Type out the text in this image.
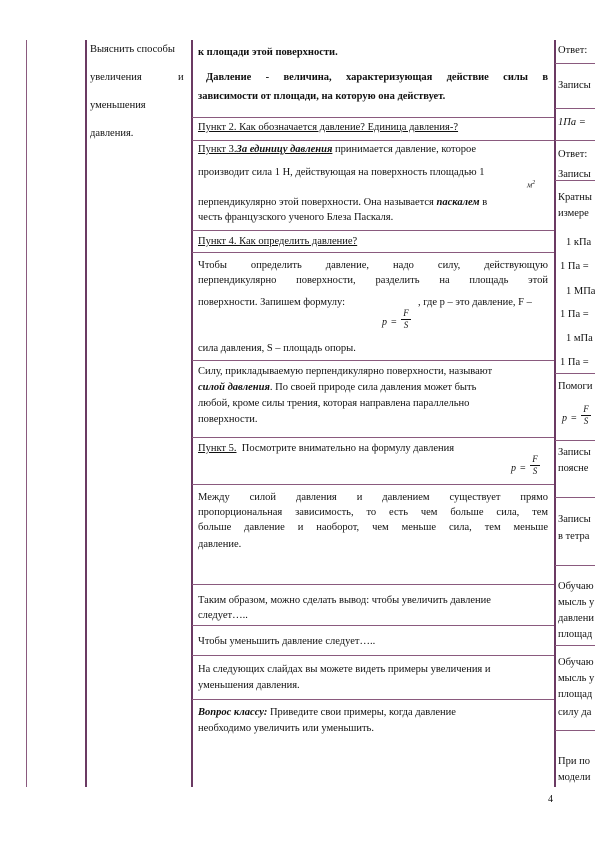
Выяснить способы
увеличения	и
уменьшения
давления.
к площади этой поверхности.
Давление - величина, характеризующая действие силы в
зависимости от площади, на которую она действует.
Пункт 2. Как обозначается давление? Единица давления-?
Пункт 3.За единицу давления принимается давление, которое
производит сила 1 Н, действующая на поверхность площадью 1
$м^2$
перпендикулярно этой поверхности. Она называется паскалем в
честь французского ученого Блеза Паскаля.
Пункт 4. Как определить давление?
Чтобы определить давление, надо силу, действующую
перпендикулярно поверхности, разделить на площадь этой
поверхности. Запишем формулу:	, где p – это давление, F –
p =
F
S
сила давления, S – площадь опоры.
Силу, прикладываемую перпендикулярно поверхности, называют
силой давления. По своей природе сила давления может быть
любой, кроме силы трения, которая направлена параллельно
поверхности.
Пункт 5. Посмотрите внимательно на формулу давления
p =
F
S
Между силой давления и давлением существует прямо
пропорциональная зависимость, то есть чем больше сила, тем
больше давление и наоборот, чем меньше сила, тем меньше
давление.
Таким образом, можно сделать вывод: чтобы увеличить давление
следует…..
Чтобы уменьшить давление следует…..
На следующих слайдах вы можете видеть примеры увеличения и
уменьшения давления.
Вопрос классу: Приведите свои примеры, когда давление
необходимо увеличить или уменьшить.
Ответ:
Записы
1Па =
Ответ:
Записы
Кратны
измере
1 кПа
1 Па =
1 МПа
1 Па =
1 мПа
1 Па =
Помоги
p =
F
S
Записы
поясне
Записы
в тетра
Обучаю
мысль у
давлени
площад
Обучаю
мысль у
площад
силу да
При по
модели
4
